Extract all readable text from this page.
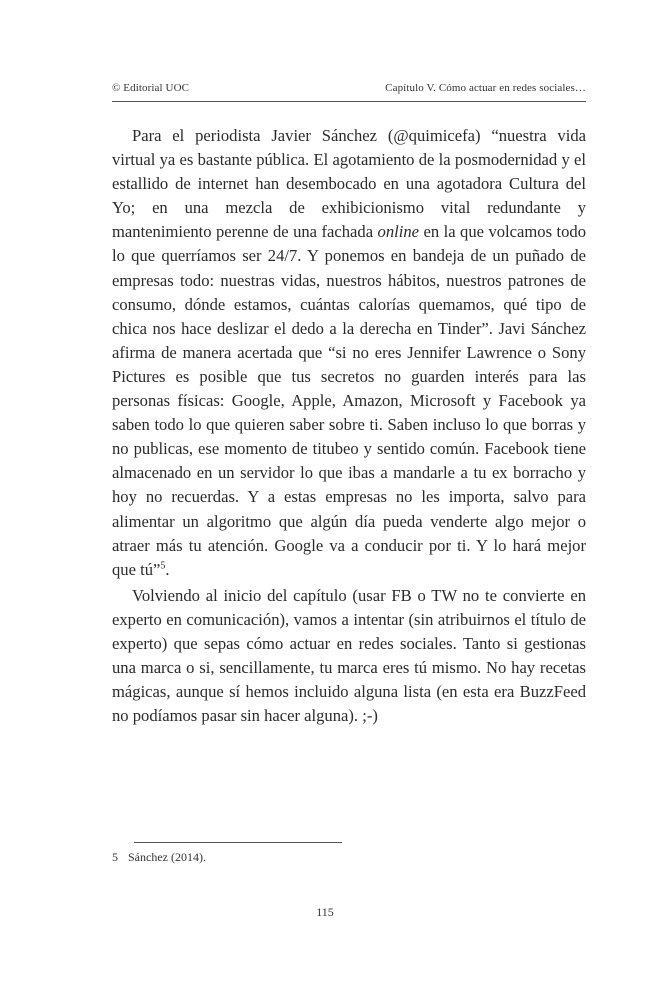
© Editorial UOC	Capítulo V. Cómo actuar en redes sociales…

Para el periodista Javier Sánchez (@quimicefa) “nuestra vida virtual ya es bastante pública. El agotamiento de la posmodernidad y el estallido de internet han desembocado en una agotadora Cultura del Yo; en una mezcla de exhibicionismo vital redundante y mantenimiento perenne de una fachada online en la que volcamos todo lo que querríamos ser 24/7. Y ponemos en bandeja de un puñado de empresas todo: nuestras vidas, nuestros hábitos, nuestros patrones de consumo, dónde estamos, cuántas calorías quemamos, qué tipo de chica nos hace deslizar el dedo a la derecha en Tinder”. Javi Sánchez afirma de manera acertada que “si no eres Jennifer Lawrence o Sony Pictures es posible que tus secretos no guarden interés para las personas físicas: Google, Apple, Amazon, Microsoft y Facebook ya saben todo lo que quieren saber sobre ti. Saben incluso lo que borras y no publicas, ese momento de titubeo y sentido común. Facebook tiene almacenado en un servidor lo que ibas a mandarle a tu ex borracho y hoy no recuerdas. Y a estas empresas no les importa, salvo para alimentar un algoritmo que algún día pueda venderte algo mejor o atraer más tu atención. Google va a conducir por ti. Y lo hará mejor que tú”$^5$.

Volviendo al inicio del capítulo (usar FB o TW no te convierte en experto en comunicación), vamos a intentar (sin atribuirnos el título de experto) que sepas cómo actuar en redes sociales. Tanto si gestionas una marca o si, sencillamente, tu marca eres tú mismo. No hay recetas mágicas, aunque sí hemos incluido alguna lista (en esta era BuzzFeed no podíamos pasar sin hacer alguna). ;-)

5 Sánchez (2014).
115
